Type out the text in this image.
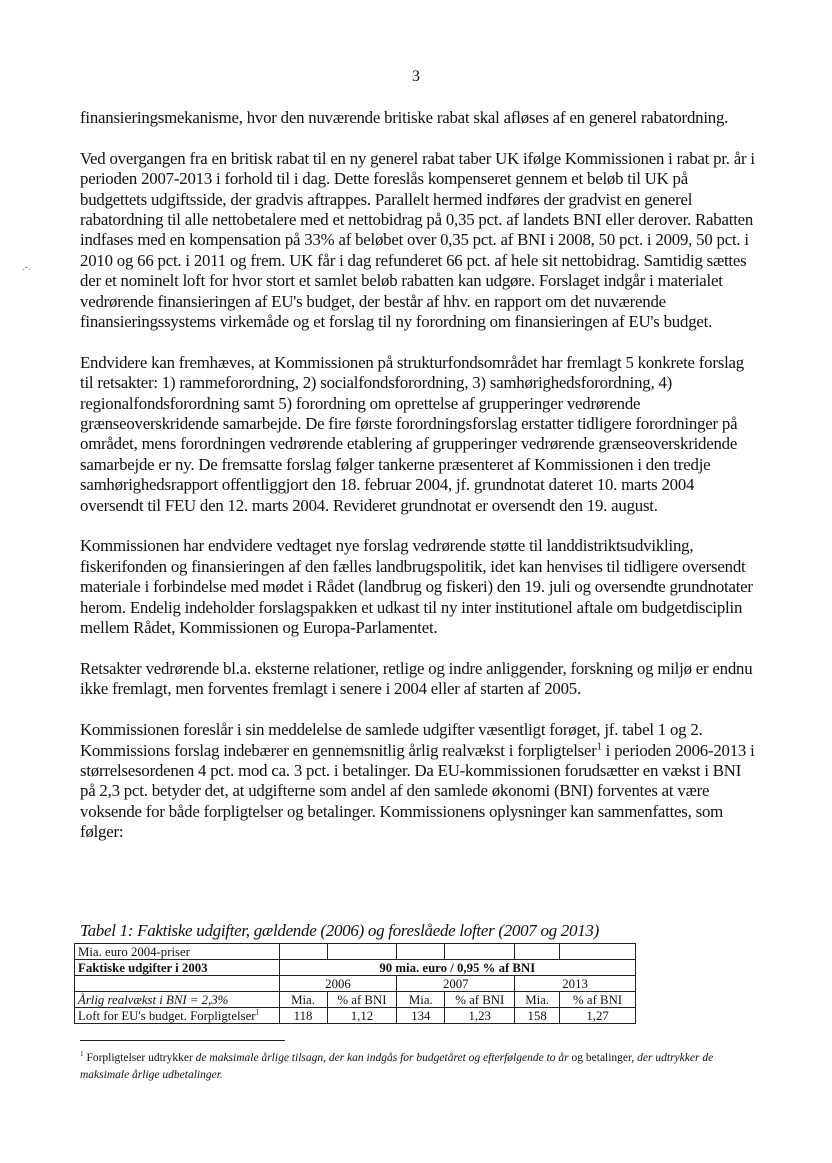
3
.-.

finansieringsmekanisme, hvor den nuværende britiske rabat skal afløses af en generel rabatordning.

Ved overgangen fra en britisk rabat til en ny generel rabat taber UK ifølge Kommissionen i rabat pr. år i perioden 2007-2013 i forhold til i dag. Dette foreslås kompenseret gennem et beløb til UK på budgettets udgiftsside, der gradvis aftrappes. Parallelt hermed indføres der gradvist en generel rabatordning til alle nettobetalere med et nettobidrag på 0,35 pct. af landets BNI eller derover. Rabatten indfases med en kompensation på 33% af beløbet over 0,35 pct. af BNI i 2008, 50 pct. i 2009, 50 pct. i 2010 og 66 pct. i 2011 og frem. UK får i dag refunderet 66 pct. af hele sit nettobidrag. Samtidig sættes der et nominelt loft for hvor stort et samlet beløb rabatten kan udgøre. Forslaget indgår i materialet vedrørende finansieringen af EU's budget, der består af hhv. en rapport om det nuværende finansieringssystems virkemåde og et forslag til ny forordning om finansieringen af EU's budget.

Endvidere kan fremhæves, at Kommissionen på strukturfondsområdet har fremlagt 5 konkrete forslag til retsakter: 1) rammeforordning, 2) socialfondsforordning, 3) samhørighedsforordning, 4) regionalfondsforordning samt 5) forordning om oprettelse af grupperinger vedrørende grænseoverskridende samarbejde. De fire første forordningsforslag erstatter tidligere forordninger på området, mens forordningen vedrørende etablering af grupperinger vedrørende grænseoverskridende samarbejde er ny. De fremsatte forslag følger tankerne præsenteret af Kommissionen i den tredje samhørighedsrapport offentliggjort den 18. februar 2004, jf. grundnotat dateret 10. marts 2004 oversendt til FEU den 12. marts 2004. Revideret grundnotat er oversendt den 19. august.

Kommissionen har endvidere vedtaget nye forslag vedrørende støtte til landdistriktsudvikling, fiskerifonden og finansieringen af den fælles landbrugspolitik, idet kan henvises til tidligere oversendt materiale i forbindelse med mødet i Rådet (landbrug og fiskeri) den 19. juli og oversendte grundnotater herom. Endelig indeholder forslagspakken et udkast til ny inter institutionel aftale om budgetdisciplin mellem Rådet, Kommissionen og Europa-Parlamentet.

Retsakter vedrørende bl.a. eksterne relationer, retlige og indre anliggender, forskning og miljø er endnu ikke fremlagt, men forventes fremlagt i senere i 2004 eller af starten af 2005.

Kommissionen foreslår i sin meddelelse de samlede udgifter væsentligt forøget, jf. tabel 1 og 2. Kommissions forslag indebærer en gennemsnitlig årlig realvækst i forpligtelser$^1$ i perioden 2006-2013 i størrelsesordenen 4 pct. mod ca. 3 pct. i betalinger. Da EU-kommissionen forudsætter en vækst i BNI på 2,3 pct. betyder det, at udgifterne som andel af den samlede økonomi (BNI) forventes at være voksende for både forpligtelser og betalinger. Kommissionens oplysninger kan sammenfattes, som følger:

Tabel 1: Faktiske udgifter, gældende (2006) og foreslåede lofter (2007 og 2013)
Mia. euro 2004-priser						
Faktiske udgifter i 2003	90 mia. euro / 0,95 % af BNI					
	2006		2007		2013	
Årlig realvækst i BNI = 2,3%	Mia.	% af BNI	Mia.	% af BNI	Mia.	% af BNI
Loft for EU's budget. Forpligtelser$^1$	118	1,12	134	1,23	158	1,27
$^1$ Forpligtelser udtrykker de maksimale årlige tilsagn, der kan indgås for budgetåret og efterfølgende to år og betalinger, der udtrykker de maksimale årlige udbetalinger.
